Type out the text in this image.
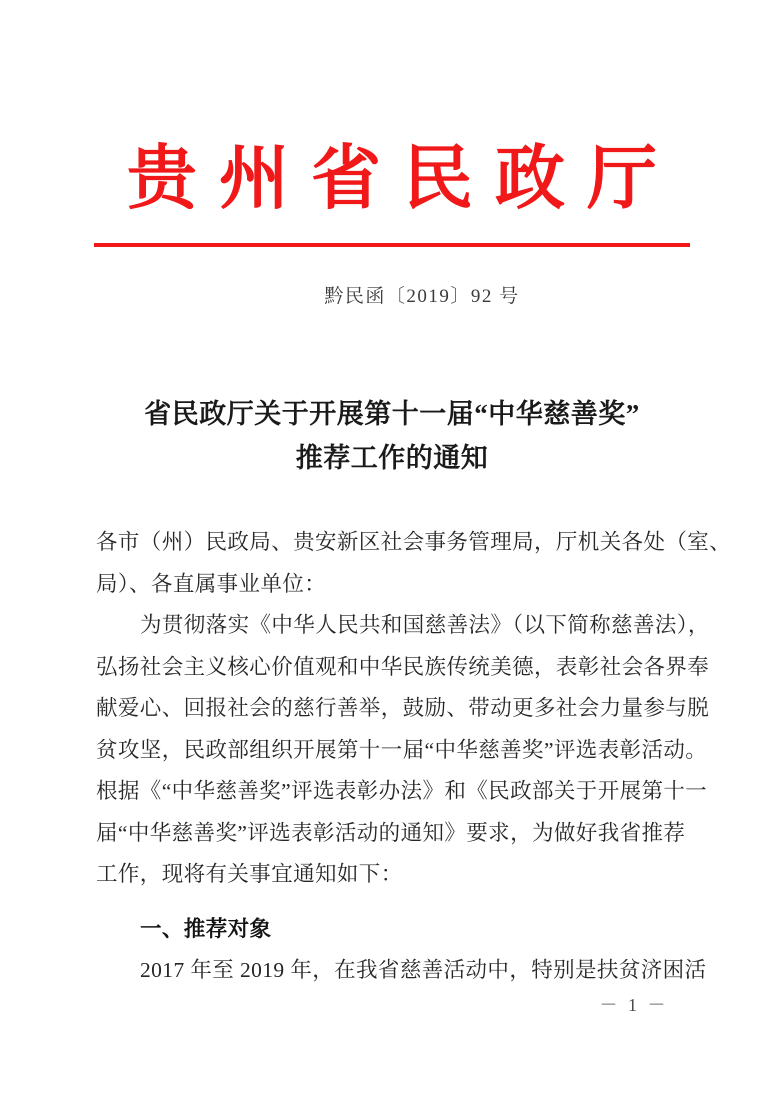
贵州省民政厅
黔民函〔2019〕92 号
省民政厅关于开展第十一届“中华慈善奖”
推荐工作的通知
各市（州）民政局、贵安新区社会事务管理局，厅机关各处（室、
局）、各直属事业单位：
为贯彻落实《中华人民共和国慈善法》（以下简称慈善法），
弘扬社会主义核心价值观和中华民族传统美德，表彰社会各界奉
献爱心、回报社会的慈行善举，鼓励、带动更多社会力量参与脱
贫攻坚，民政部组织开展第十一届“中华慈善奖”评选表彰活动。
根据《“中华慈善奖”评选表彰办法》和《民政部关于开展第十一
届“中华慈善奖”评选表彰活动的通知》要求，为做好我省推荐
工作，现将有关事宜通知如下：
一、推荐对象
2017 年至 2019 年，在我省慈善活动中，特别是扶贫济困活
－ 1 －
